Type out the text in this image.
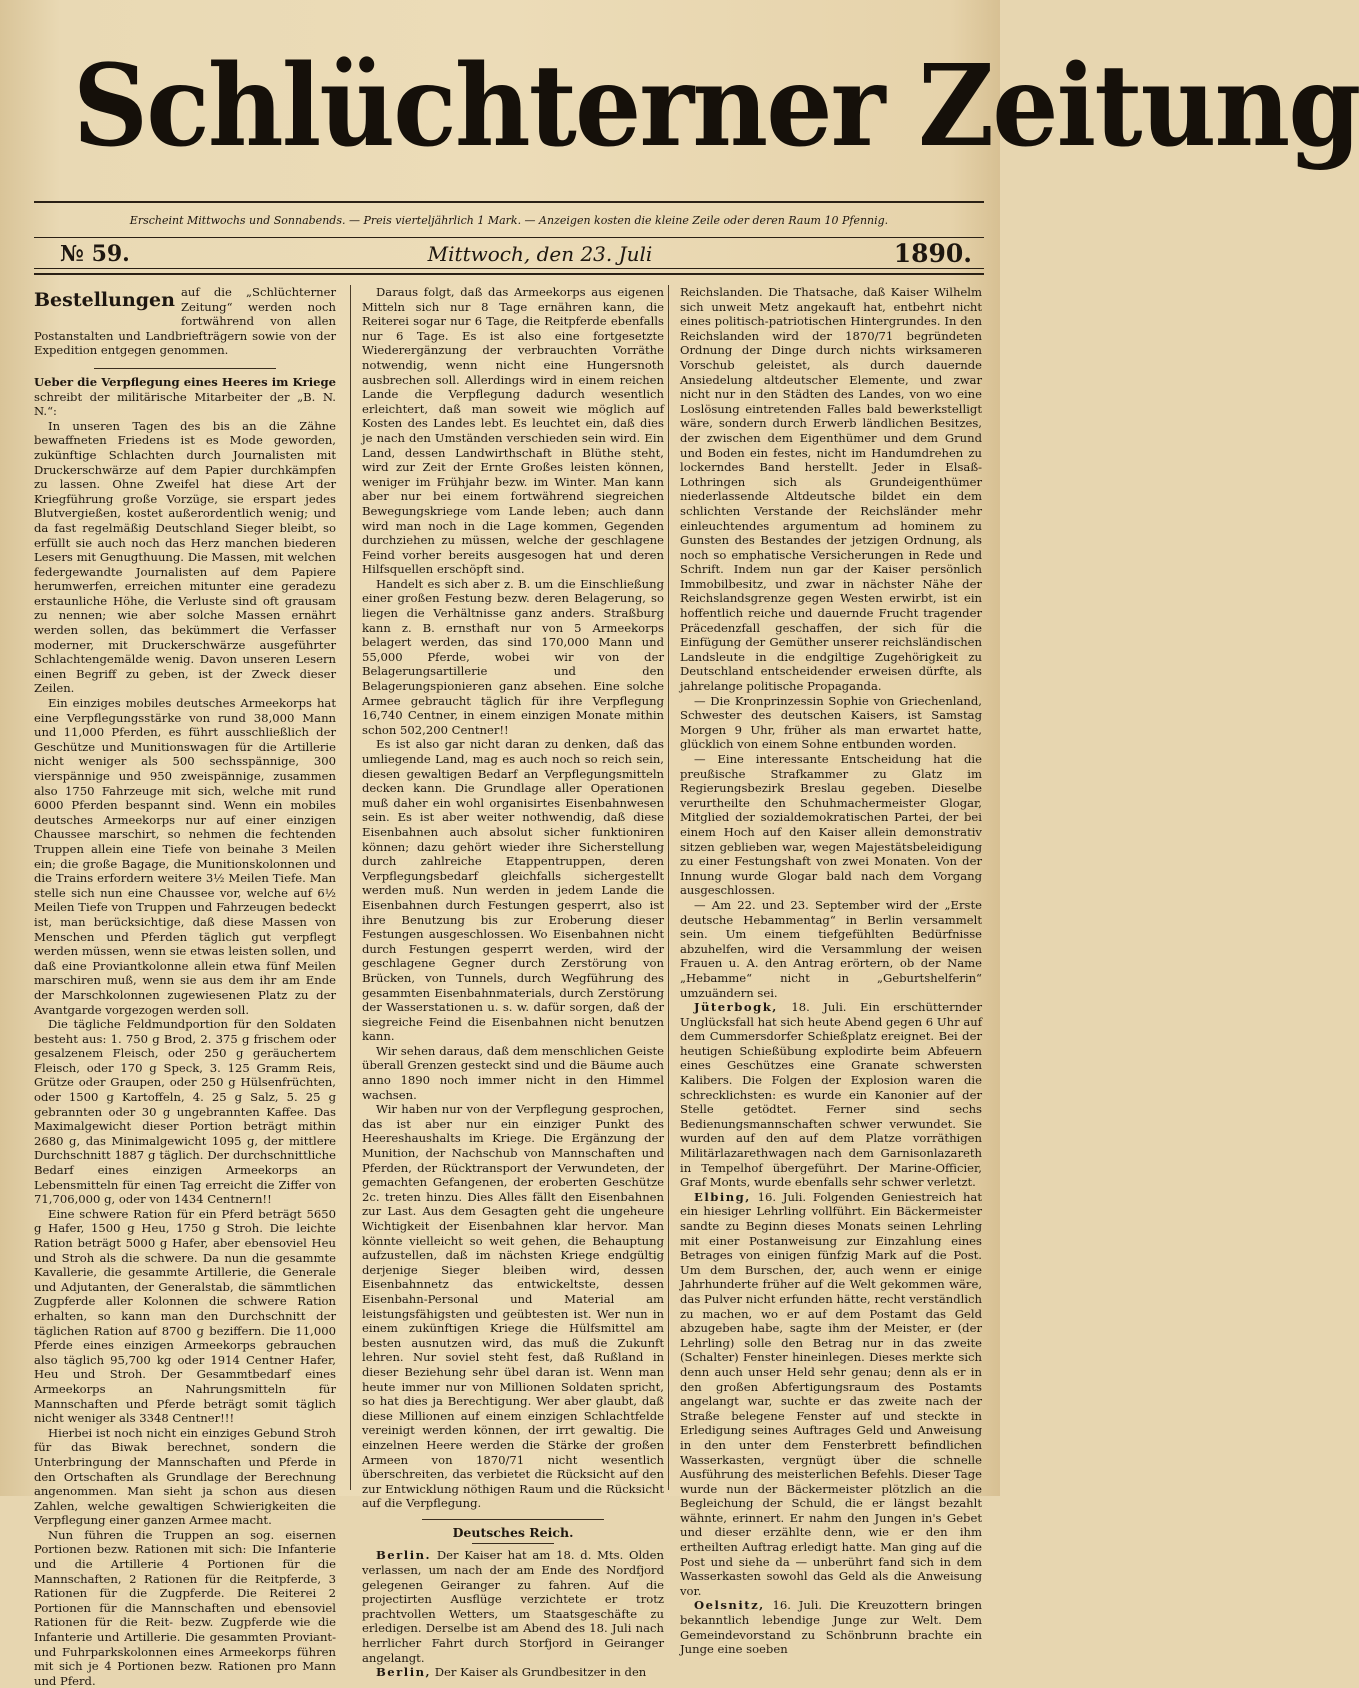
Schlüchterner Zeitung
Erscheint Mittwochs und Sonnabends. — Preis vierteljährlich 1 Mark. — Anzeigen kosten die kleine Zeile oder deren Raum 10 Pfennig.
№ 59.	Mittwoch, den 23. Juli	1890.

Bestellungen auf die „Schlüchterner Zeitung“ werden noch fortwährend von allen Postanstalten und Landbriefträgern sowie von der Expedition entgegen genommen.

Ueber die Verpflegung eines Heeres im Kriege schreibt der militärische Mitarbeiter der „B. N. N.“:

In unseren Tagen des bis an die Zähne bewaffneten Friedens ist es Mode geworden, zukünftige Schlachten durch Journalisten mit Druckerschwärze auf dem Papier durchkämpfen zu lassen. Ohne Zweifel hat diese Art der Kriegführung große Vorzüge, sie erspart jedes Blutvergießen, kostet außerordentlich wenig; und da fast regelmäßig Deutschland Sieger bleibt, so erfüllt sie auch noch das Herz manchen biederen Lesers mit Genugthuung. Die Massen, mit welchen federgewandte Journalisten auf dem Papiere herumwerfen, erreichen mitunter eine geradezu erstaunliche Höhe, die Verluste sind oft grausam zu nennen; wie aber solche Massen ernährt werden sollen, das bekümmert die Verfasser moderner, mit Druckerschwärze ausgeführter Schlachtengemälde wenig. Davon unseren Lesern einen Begriff zu geben, ist der Zweck dieser Zeilen.

Ein einziges mobiles deutsches Armeekorps hat eine Verpflegungsstärke von rund 38,000 Mann und 11,000 Pferden, es führt ausschließlich der Geschütze und Munitionswagen für die Artillerie nicht weniger als 500 sechsspännige, 300 vierspännige und 950 zweispännige, zusammen also 1750 Fahrzeuge mit sich, welche mit rund 6000 Pferden bespannt sind. Wenn ein mobiles deutsches Armeekorps nur auf einer einzigen Chaussee marschirt, so nehmen die fechtenden Truppen allein eine Tiefe von beinahe 3 Meilen ein; die große Bagage, die Munitionskolonnen und die Trains erfordern weitere 3½ Meilen Tiefe. Man stelle sich nun eine Chaussee vor, welche auf 6½ Meilen Tiefe von Truppen und Fahrzeugen bedeckt ist, man berücksichtige, daß diese Massen von Menschen und Pferden täglich gut verpflegt werden müssen, wenn sie etwas leisten sollen, und daß eine Proviantkolonne allein etwa fünf Meilen marschiren muß, wenn sie aus dem ihr am Ende der Marschkolonnen zugewiesenen Platz zu der Avantgarde vorgezogen werden soll.

Die tägliche Feldmundportion für den Soldaten besteht aus: 1. 750 g Brod, 2. 375 g frischem oder gesalzenem Fleisch, oder 250 g geräuchertem Fleisch, oder 170 g Speck, 3. 125 Gramm Reis, Grütze oder Graupen, oder 250 g Hülsenfrüchten, oder 1500 g Kartoffeln, 4. 25 g Salz, 5. 25 g gebrannten oder 30 g ungebrannten Kaffee. Das Maximalgewicht dieser Portion beträgt mithin 2680 g, das Minimalgewicht 1095 g, der mittlere Durchschnitt 1887 g täglich. Der durchschnittliche Bedarf eines einzigen Armeekorps an Lebensmitteln für einen Tag erreicht die Ziffer von 71,706,000 g, oder von 1434 Centnern!!

Eine schwere Ration für ein Pferd beträgt 5650 g Hafer, 1500 g Heu, 1750 g Stroh. Die leichte Ration beträgt 5000 g Hafer, aber ebensoviel Heu und Stroh als die schwere. Da nun die gesammte Kavallerie, die gesammte Artillerie, die Generale und Adjutanten, der Generalstab, die sämmtlichen Zugpferde aller Kolonnen die schwere Ration erhalten, so kann man den Durchschnitt der täglichen Ration auf 8700 g beziffern. Die 11,000 Pferde eines einzigen Armeekorps gebrauchen also täglich 95,700 kg oder 1914 Centner Hafer, Heu und Stroh. Der Gesammtbedarf eines Armeekorps an Nahrungsmitteln für Mannschaften und Pferde beträgt somit täglich nicht weniger als 3348 Centner!!!

Hierbei ist noch nicht ein einziges Gebund Stroh für das Biwak berechnet, sondern die Unterbringung der Mannschaften und Pferde in den Ortschaften als Grundlage der Berechnung angenommen. Man sieht ja schon aus diesen Zahlen, welche gewaltigen Schwierigkeiten die Verpflegung einer ganzen Armee macht.

Nun führen die Truppen an sog. eisernen Portionen bezw. Rationen mit sich: Die Infanterie und die Artillerie 4 Portionen für die Mannschaften, 2 Rationen für die Reitpferde, 3 Rationen für die Zugpferde. Die Reiterei 2 Portionen für die Mannschaften und ebensoviel Rationen für die Reit- bezw. Zugpferde wie die Infanterie und Artillerie. Die gesammten Proviant- und Fuhrparkskolonnen eines Armeekorps führen mit sich je 4 Portionen bezw. Rationen pro Mann und Pferd.

Daraus folgt, daß das Armeekorps aus eigenen Mitteln sich nur 8 Tage ernähren kann, die Reiterei sogar nur 6 Tage, die Reitpferde ebenfalls nur 6 Tage. Es ist also eine fortgesetzte Wiederergänzung der verbrauchten Vorräthe notwendig, wenn nicht eine Hungersnoth ausbrechen soll. Allerdings wird in einem reichen Lande die Verpflegung dadurch wesentlich erleichtert, daß man soweit wie möglich auf Kosten des Landes lebt. Es leuchtet ein, daß dies je nach den Umständen verschieden sein wird. Ein Land, dessen Landwirthschaft in Blüthe steht, wird zur Zeit der Ernte Großes leisten können, weniger im Frühjahr bezw. im Winter. Man kann aber nur bei einem fortwährend siegreichen Bewegungskriege vom Lande leben; auch dann wird man noch in die Lage kommen, Gegenden durchziehen zu müssen, welche der geschlagene Feind vorher bereits ausgesogen hat und deren Hilfsquellen erschöpft sind.

Handelt es sich aber z. B. um die Einschließung einer großen Festung bezw. deren Belagerung, so liegen die Verhältnisse ganz anders. Straßburg kann z. B. ernsthaft nur von 5 Armeekorps belagert werden, das sind 170,000 Mann und 55,000 Pferde, wobei wir von der Belagerungsartillerie und den Belagerungspionieren ganz absehen. Eine solche Armee gebraucht täglich für ihre Verpflegung 16,740 Centner, in einem einzigen Monate mithin schon 502,200 Centner!!

Es ist also gar nicht daran zu denken, daß das umliegende Land, mag es auch noch so reich sein, diesen gewaltigen Bedarf an Verpflegungsmitteln decken kann. Die Grundlage aller Operationen muß daher ein wohl organisirtes Eisenbahnwesen sein. Es ist aber weiter nothwendig, daß diese Eisenbahnen auch absolut sicher funktioniren können; dazu gehört wieder ihre Sicherstellung durch zahlreiche Etappentruppen, deren Verpflegungsbedarf gleichfalls sichergestellt werden muß. Nun werden in jedem Lande die Eisenbahnen durch Festungen gesperrt, also ist ihre Benutzung bis zur Eroberung dieser Festungen ausgeschlossen. Wo Eisenbahnen nicht durch Festungen gesperrt werden, wird der geschlagene Gegner durch Zerstörung von Brücken, von Tunnels, durch Wegführung des gesammten Eisenbahnmaterials, durch Zerstörung der Wasserstationen u. s. w. dafür sorgen, daß der siegreiche Feind die Eisenbahnen nicht benutzen kann.

Wir sehen daraus, daß dem menschlichen Geiste überall Grenzen gesteckt sind und die Bäume auch anno 1890 noch immer nicht in den Himmel wachsen.

Wir haben nur von der Verpflegung gesprochen, das ist aber nur ein einziger Punkt des Heereshaushalts im Kriege. Die Ergänzung der Munition, der Nachschub von Mannschaften und Pferden, der Rücktransport der Verwundeten, der gemachten Gefangenen, der eroberten Geschütze 2c. treten hinzu. Dies Alles fällt den Eisenbahnen zur Last. Aus dem Gesagten geht die ungeheure Wichtigkeit der Eisenbahnen klar hervor. Man könnte vielleicht so weit gehen, die Behauptung aufzustellen, daß im nächsten Kriege endgültig derjenige Sieger bleiben wird, dessen Eisenbahnnetz das entwickeltste, dessen Eisenbahn-Personal und Material am leistungsfähigsten und geübtesten ist. Wer nun in einem zukünftigen Kriege die Hülfsmittel am besten ausnutzen wird, das muß die Zukunft lehren. Nur soviel steht fest, daß Rußland in dieser Beziehung sehr übel daran ist. Wenn man heute immer nur von Millionen Soldaten spricht, so hat dies ja Berechtigung. Wer aber glaubt, daß diese Millionen auf einem einzigen Schlachtfelde vereinigt werden können, der irrt gewaltig. Die einzelnen Heere werden die Stärke der großen Armeen von 1870/71 nicht wesentlich überschreiten, das verbietet die Rücksicht auf den zur Entwicklung nöthigen Raum und die Rücksicht auf die Verpflegung.

Deutsches Reich.

Berlin. Der Kaiser hat am 18. d. Mts. Olden verlassen, um nach der am Ende des Nordfjord gelegenen Geiranger zu fahren. Auf die projectirten Ausflüge verzichtete er trotz prachtvollen Wetters, um Staatsgeschäfte zu erledigen. Derselbe ist am Abend des 18. Juli nach herrlicher Fahrt durch Storfjord in Geiranger angelangt.

Berlin, Der Kaiser als Grundbesitzer in den

Reichslanden. Die Thatsache, daß Kaiser Wilhelm sich unweit Metz angekauft hat, entbehrt nicht eines politisch-patriotischen Hintergrundes. In den Reichslanden wird der 1870/71 begründeten Ordnung der Dinge durch nichts wirksameren Vorschub geleistet, als durch dauernde Ansiedelung altdeutscher Elemente, und zwar nicht nur in den Städten des Landes, von wo eine Loslösung eintretenden Falles bald bewerkstelligt wäre, sondern durch Erwerb ländlichen Besitzes, der zwischen dem Eigenthümer und dem Grund und Boden ein festes, nicht im Handumdrehen zu lockerndes Band herstellt. Jeder in Elsaß-Lothringen sich als Grundeigenthümer niederlassende Altdeutsche bildet ein dem schlichten Verstande der Reichsländer mehr einleuchtendes argumentum ad hominem zu Gunsten des Bestandes der jetzigen Ordnung, als noch so emphatische Versicherungen in Rede und Schrift. Indem nun gar der Kaiser persönlich Immobilbesitz, und zwar in nächster Nähe der Reichslandsgrenze gegen Westen erwirbt, ist ein hoffentlich reiche und dauernde Frucht tragender Präcedenzfall geschaffen, der sich für die Einfügung der Gemüther unserer reichsländischen Landsleute in die endgiltige Zugehörigkeit zu Deutschland entscheidender erweisen dürfte, als jahrelange politische Propaganda.

— Die Kronprinzessin Sophie von Griechenland, Schwester des deutschen Kaisers, ist Samstag Morgen 9 Uhr, früher als man erwartet hatte, glücklich von einem Sohne entbunden worden.

— Eine interessante Entscheidung hat die preußische Strafkammer zu Glatz im Regierungsbezirk Breslau gegeben. Dieselbe verurtheilte den Schuhmachermeister Glogar, Mitglied der sozialdemokratischen Partei, der bei einem Hoch auf den Kaiser allein demonstrativ sitzen geblieben war, wegen Majestätsbeleidigung zu einer Festungshaft von zwei Monaten. Von der Innung wurde Glogar bald nach dem Vorgang ausgeschlossen.

— Am 22. und 23. September wird der „Erste deutsche Hebammentag“ in Berlin versammelt sein. Um einem tiefgefühlten Bedürfnisse abzuhelfen, wird die Versammlung der weisen Frauen u. A. den Antrag erörtern, ob der Name „Hebamme“ nicht in „Geburtshelferin“ umzuändern sei.

Jüterbogk, 18. Juli. Ein erschütternder Unglücksfall hat sich heute Abend gegen 6 Uhr auf dem Cummersdorfer Schießplatz ereignet. Bei der heutigen Schießübung explodirte beim Abfeuern eines Geschützes eine Granate schwersten Kalibers. Die Folgen der Explosion waren die schrecklichsten: es wurde ein Kanonier auf der Stelle getödtet. Ferner sind sechs Bedienungsmannschaften schwer verwundet. Sie wurden auf den auf dem Platze vorräthigen Militärlazarethwagen nach dem Garnisonlazareth in Tempelhof übergeführt. Der Marine-Officier, Graf Monts, wurde ebenfalls sehr schwer verletzt.

Elbing, 16. Juli. Folgenden Geniestreich hat ein hiesiger Lehrling vollführt. Ein Bäckermeister sandte zu Beginn dieses Monats seinen Lehrling mit einer Postanweisung zur Einzahlung eines Betrages von einigen fünfzig Mark auf die Post. Um dem Burschen, der, auch wenn er einige Jahrhunderte früher auf die Welt gekommen wäre, das Pulver nicht erfunden hätte, recht verständlich zu machen, wo er auf dem Postamt das Geld abzugeben habe, sagte ihm der Meister, er (der Lehrling) solle den Betrag nur in das zweite (Schalter) Fenster hineinlegen. Dieses merkte sich denn auch unser Held sehr genau; denn als er in den großen Abfertigungsraum des Postamts angelangt war, suchte er das zweite nach der Straße belegene Fenster auf und steckte in Erledigung seines Auftrages Geld und Anweisung in den unter dem Fensterbrett befindlichen Wasserkasten, vergnügt über die schnelle Ausführung des meisterlichen Befehls. Dieser Tage wurde nun der Bäckermeister plötzlich an die Begleichung der Schuld, die er längst bezahlt wähnte, erinnert. Er nahm den Jungen in's Gebet und dieser erzählte denn, wie er den ihm ertheilten Auftrag erledigt hatte. Man ging auf die Post und siehe da — unberührt fand sich in dem Wasserkasten sowohl das Geld als die Anweisung vor.

Oelsnitz, 16. Juli. Die Kreuzottern bringen bekanntlich lebendige Junge zur Welt. Dem Gemeindevorstand zu Schönbrunn brachte ein Junge eine soeben
